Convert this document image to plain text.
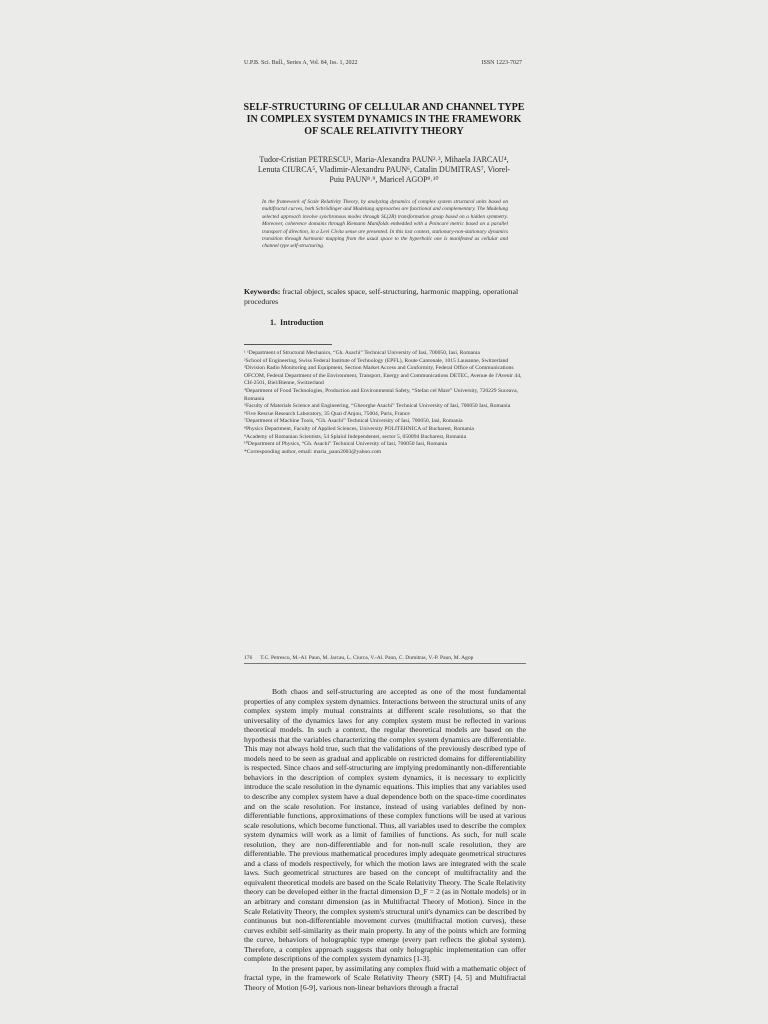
U.P.B. Sci. Bull., Series A, Vol. 84, Iss. 1, 2022	ISSN 1223-7027
SELF-STRUCTURING OF CELLULAR AND CHANNEL TYPE
IN COMPLEX SYSTEM DYNAMICS IN THE FRAMEWORK
OF SCALE RELATIVITY THEORY
Tudor-Cristian PETRESCU¹, Maria-Alexandra PAUN²˒³, Mihaela JARCAU⁴,
Lenuta CIURCA⁵, Vladimir-Alexandru PAUN⁶, Catalin DUMITRAS⁷, Viorel-
Puiu PAUN⁸˒⁹, Maricel AGOP⁹˒¹⁰
In the framework of Scale Relativity Theory, by analyzing dynamics of complex system structural units based on multifractal curves, both Schrödinger and Madelung approaches are functional and complementary. The Madelung selected approach involve synchronous modes through SL(2R) transformation group based on a hidden symmetry. Moreover, coherence domains through Riemann Manifolds embedded with a Poincaré metric based on a parallel transport of direction, in a Levi Civita sense are presented. In this last context, stationary-non-stationary dynamics transition through harmonic mapping from the usual space to the hyperbolic one is manifested as cellular and channel type self-structuring.
Keywords: fractal object, scales space, self-structuring, harmonic mapping, operational procedures
1. Introduction
¹ ¹Department of Structural Mechanics, “Gh. Asachi” Technical University of Iasi, 700050, Iasi, Romania
²School of Engineering, Swiss Federal Institute of Technology (EPFL), Route Cantonale, 1015 Lausanne, Switzerland
³Division Radio Monitoring and Equipment, Section Market Access and Conformity, Federal Office of Communications OFCOM, Federal Department of the Environment, Transport, Energy and Communications DETEC, Avenue de l'Avenir 44, CH-2501, Biel/Bienne, Switzerland
⁴Department of Food Technologies, Production and Environmental Safety, “Stefan cel Mare” University, 720229 Suceava, Romania
⁵Faculty of Materials Science and Engineering, “Gheorghe Asachi” Technical University of Iasi, 700050 Iasi, Romania
⁶Five Rescue Research Laboratory, 35 Quai d'Anjou, 75004, Paris, France
⁷Department of Machine Tools, “Gh. Asachi” Technical University of Iasi, 700050, Iasi, Romania
⁸Physics Department, Faculty of Applied Sciences, University POLITEHNICA of Bucharest, Romania
⁹Academy of Romanian Scientists, 54 Splaiul Independentei, sector 5, 050094 Bucharest, Romania
¹⁰Department of Physics, “Gh. Asachi” Technical University of Iasi, 700050 Iasi, Romania
*Corresponding author, email: maria_paun2003@yahoo.com
176 T.C. Petrescu, M.-Al. Paun, M. Jarcau, L. Ciurca, V.-Al. Paun, C. Dumitras, V.-P. Paun, M. Agop

Both chaos and self-structuring are accepted as one of the most fundamental properties of any complex system dynamics. Interactions between the structural units of any complex system imply mutual constraints at different scale resolutions, so that the universality of the dynamics laws for any complex system must be reflected in various theoretical models. In such a context, the regular theoretical models are based on the hypothesis that the variables characterizing the complex system dynamics are differentiable. This may not always hold true, such that the validations of the previously described type of models need to be seen as gradual and applicable on restricted domains for differentiability is respected. Since chaos and self-structuring are implying predominantly non-differentiable behaviors in the description of complex system dynamics, it is necessary to explicitly introduce the scale resolution in the dynamic equations. This implies that any variables used to describe any complex system have a dual dependence both on the space-time coordinates and on the scale resolution. For instance, instead of using variables defined by non-differentiable functions, approximations of these complex functions will be used at various scale resolutions, which become functional. Thus, all variables used to describe the complex system dynamics will work as a limit of families of functions. As such, for null scale resolution, they are non-differentiable and for non-null scale resolution, they are differentiable. The previous mathematical procedures imply adequate geometrical structures and a class of models respectively, for which the motion laws are integrated with the scale laws. Such geometrical structures are based on the concept of multifractality and the equivalent theoretical models are based on the Scale Relativity Theory. The Scale Relativity theory can be developed either in the fractal dimension D_F = 2 (as in Nottale models) or in an arbitrary and constant dimension (as in Multifractal Theory of Motion). Since in the Scale Relativity Theory, the complex system's structural unit's dynamics can be described by continuous but non-differentiable movement curves (multifractal motion curves), these curves exhibit self-similarity as their main property. In any of the points which are forming the curve, behaviors of holographic type emerge (every part reflects the global system). Therefore, a complex approach suggests that only holographic implementation can offer complete descriptions of the complex system dynamics [1-3].

In the present paper, by assimilating any complex fluid with a mathematic object of fractal type, in the framework of Scale Relativity Theory (SRT) [4, 5] and Multifractal Theory of Motion [6-9], various non-linear behaviors through a fractal
